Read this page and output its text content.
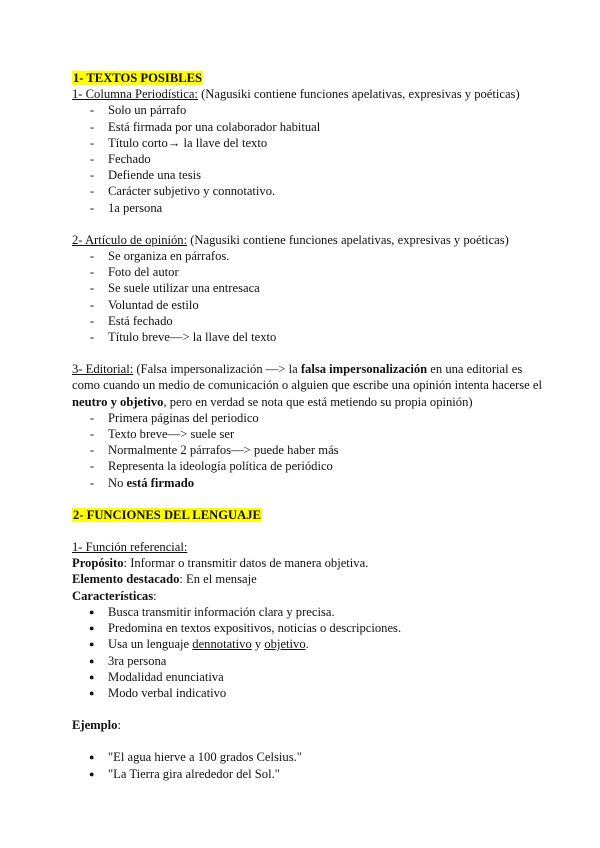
1- TEXTOS POSIBLES
1- Columna Periodística: (Nagusiki contiene funciones apelativas, expresivas y poéticas)
- Solo un párrafo
- Está firmada por una colaborador habitual
- Título corto→ la llave del texto
- Fechado
- Defiende una tesis
- Carácter subjetivo y connotativo.
- 1a persona
2- Artículo de opinión: (Nagusiki contiene funciones apelativas, expresivas y poéticas)
- Se organiza en párrafos.
- Foto del autor
- Se suele utilizar una entresaca
- Voluntad de estilo
- Está fechado
- Título breve—> la llave del texto
3- Editorial: (Falsa impersonalización —> la falsa impersonalización en una editorial es
como cuando un medio de comunicación o alguien que escribe una opinión intenta hacerse el
neutro y objetivo, pero en verdad se nota que está metiendo su propia opinión)
- Primera páginas del periodico
- Texto breve—> suele ser
- Normalmente 2 párrafos—> puede haber más
- Representa la ideología política de periódico
- No está firmado
2- FUNCIONES DEL LENGUAJE
1- Función referencial:
Propósito: Informar o transmitir datos de manera objetiva.
Elemento destacado: En el mensaje
Características:
● Busca transmitir información clara y precisa.
● Predomina en textos expositivos, noticias o descripciones.
● Usa un lenguaje dennotativo y objetivo.
● 3ra persona
● Modalidad enunciativa
● Modo verbal indicativo
Ejemplo:
● "El agua hierve a 100 grados Celsius."
● "La Tierra gira alrededor del Sol."
